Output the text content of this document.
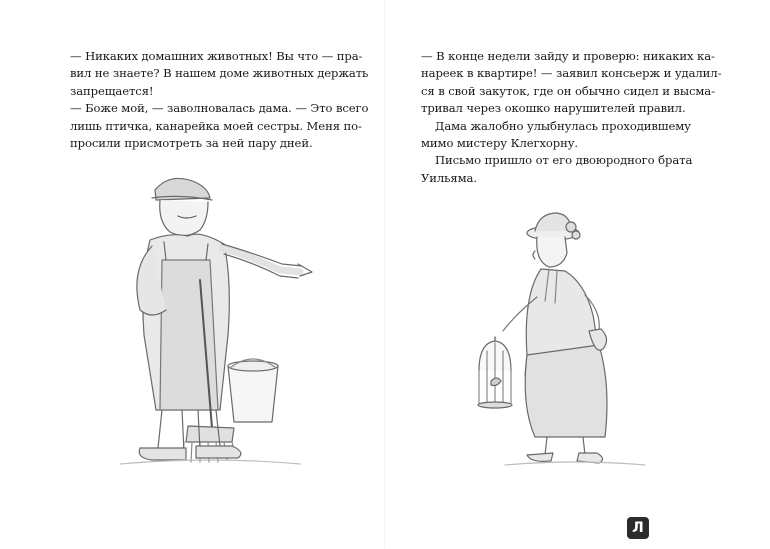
— Никаких домашних животных! Вы что — пра-

вил не знаете? В нашем доме животных держать

запрещается!

— Боже мой, — заволновалась дама. — Это всего

лишь птичка, канарейка моей сестры. Меня по-

просили присмотреть за ней пару дней.

— В конце недели зайду и проверю: никаких ка-

нареек в квартире! — заявил консьерж и удалил-

ся в свой закуток, где он обычно сидел и высма-

тривал через окошко нарушителей правил.

Дама жалобно улыбнулась проходившему

мимо мистеру Клегхорну.

Письмо пришло от его двоюродного брата

Уильяма.

Л
